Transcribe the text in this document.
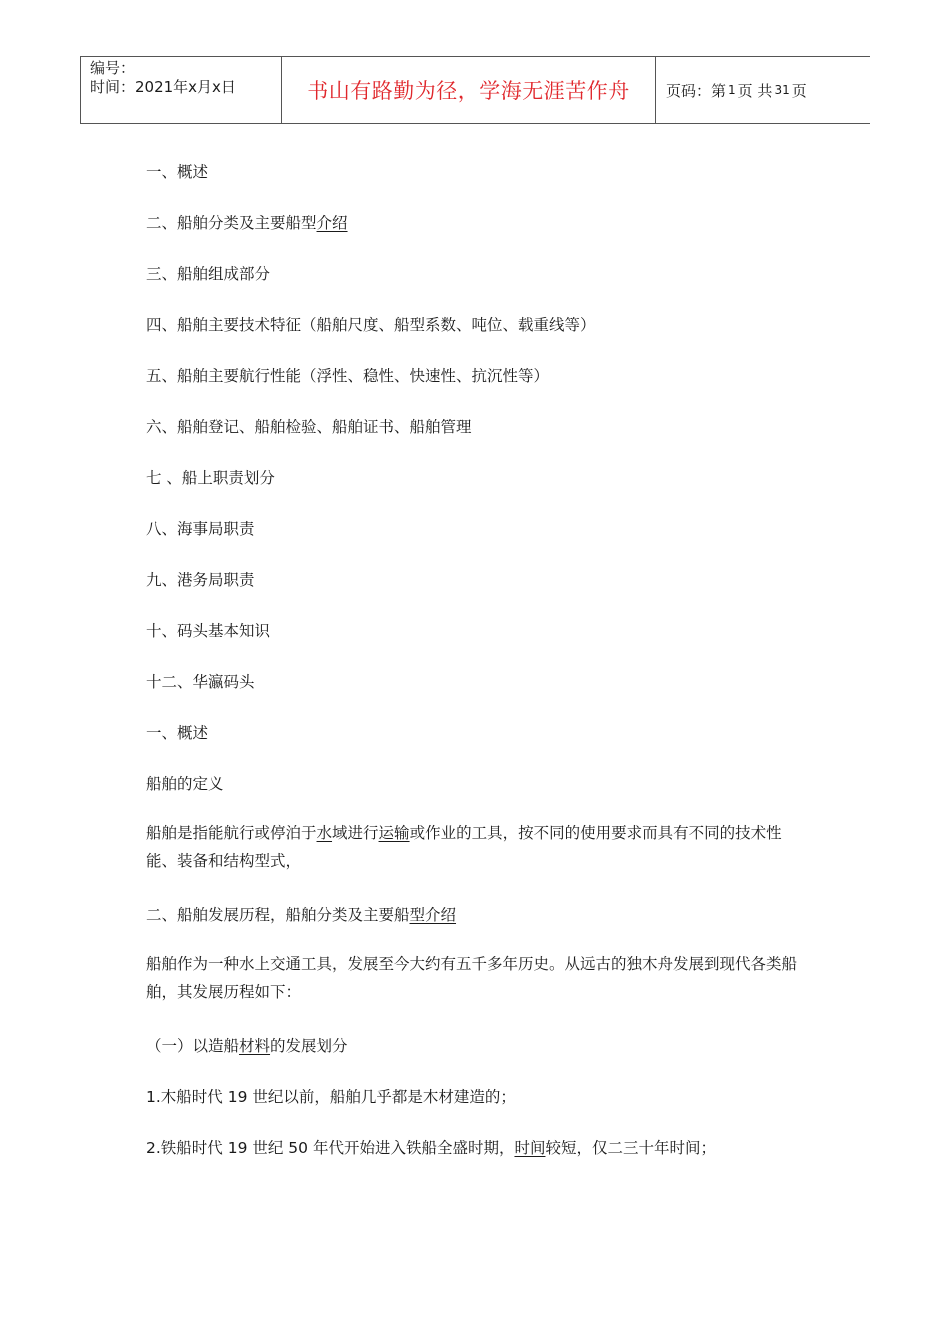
编号：
时间：2021年x月x日	书山有路勤为径，学海无涯苦作舟 页码：第 1 页 共 31 页
一、概述
二、船舶分类及主要船型介绍
三、船舶组成部分
四、船舶主要技术特征（船舶尺度、船型系数、吨位、载重线等）
五、船舶主要航行性能（浮性、稳性、快速性、抗沉性等）
六、船舶登记、船舶检验、船舶证书、船舶管理
七 、船上职责划分
八、海事局职责
九、港务局职责
十、码头基本知识
十二、华瀛码头
一、概述
船舶的定义
船舶是指能航行或停泊于水域进行运输或作业的工具，按不同的使用要求而具有不同的技术性能、装备和结构型式，
二、船舶发展历程，船舶分类及主要船型介绍
船舶作为一种水上交通工具，发展至今大约有五千多年历史。从远古的独木舟发展到现代各类船舶，其发展历程如下：
（一）以造船材料的发展划分
1.木船时代 19 世纪以前，船舶几乎都是木材建造的；
2.铁船时代 19 世纪 50 年代开始进入铁船全盛时期，时间较短，仅二三十年时间；
